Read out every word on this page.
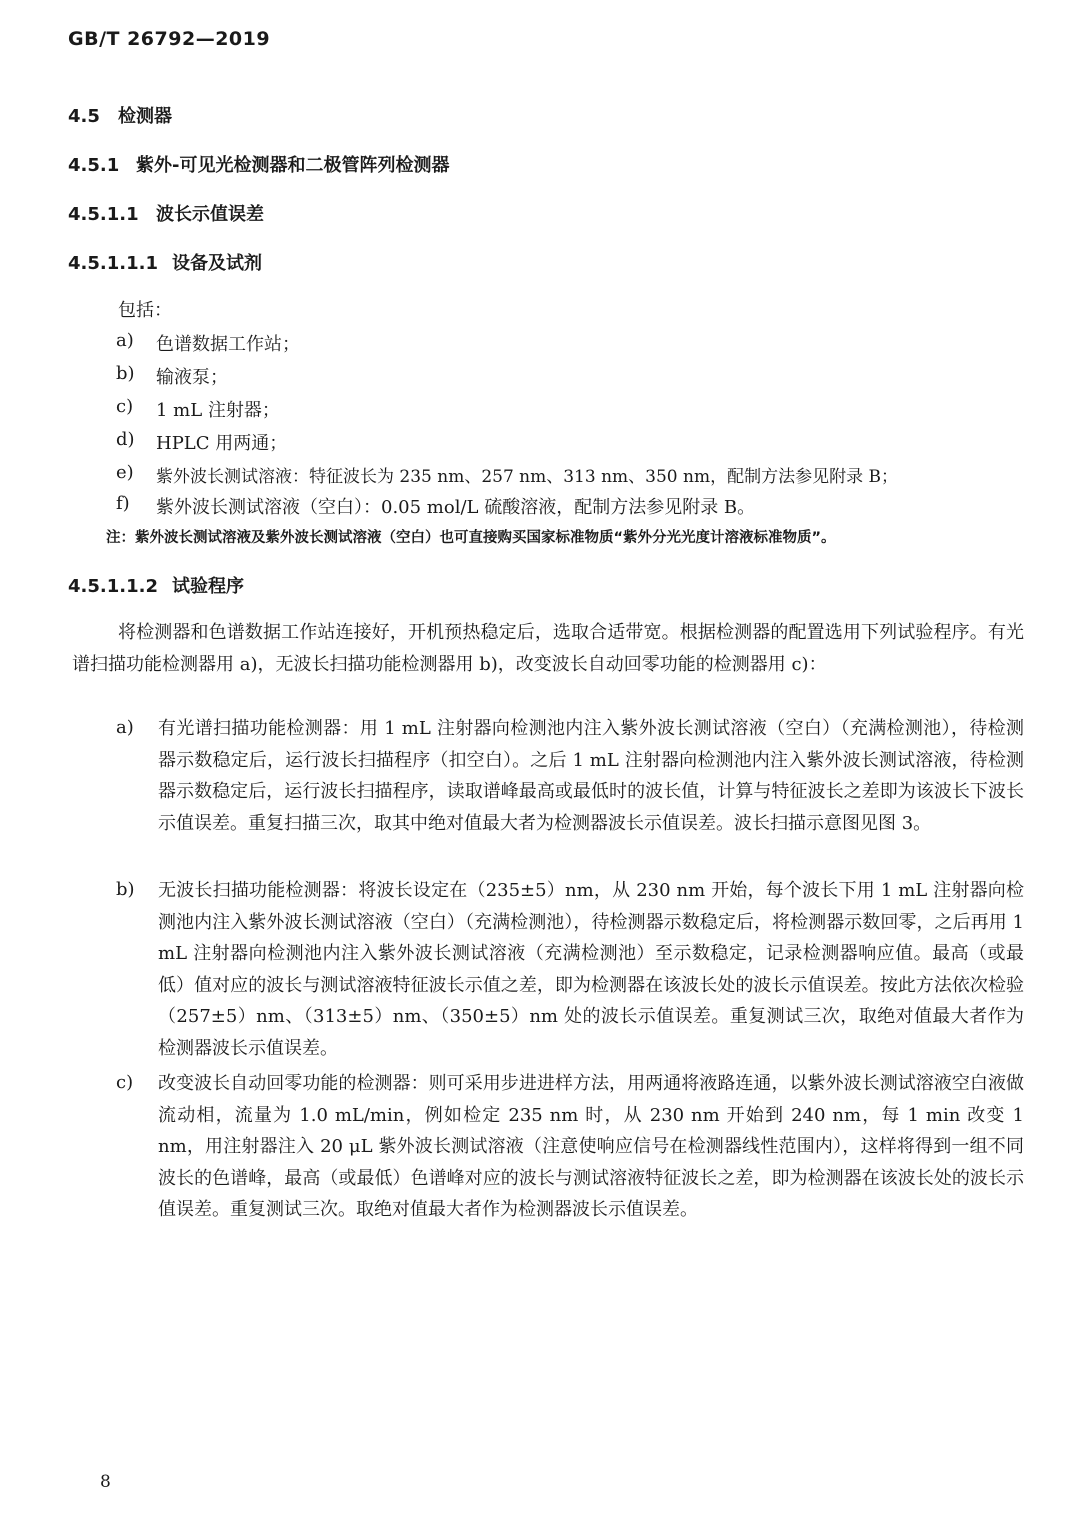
GB/T 26792—2019
4.5 检测器
4.5.1 紫外-可见光检测器和二极管阵列检测器
4.5.1.1 波长示值误差
4.5.1.1.1 设备及试剂
包括：
a) 色谱数据工作站；
b) 输液泵；
c) 1 mL 注射器；
d) HPLC 用两通；
e) 紫外波长测试溶液：特征波长为 235 nm、257 nm、313 nm、350 nm，配制方法参见附录 B；
f) 紫外波长测试溶液（空白）：0.05 mol/L 硫酸溶液，配制方法参见附录 B。
注：紫外波长测试溶液及紫外波长测试溶液（空白）也可直接购买国家标准物质“紫外分光光度计溶液标准物质”。
4.5.1.1.2 试验程序
将检测器和色谱数据工作站连接好，开机预热稳定后，选取合适带宽。根据检测器的配置选用下列试验程序。有光谱扫描功能检测器用 a)，无波长扫描功能检测器用 b)，改变波长自动回零功能的检测器用 c)：
a) 有光谱扫描功能检测器：用 1 mL 注射器向检测池内注入紫外波长测试溶液（空白）（充满检测池），待检测器示数稳定后，运行波长扫描程序（扣空白）。之后 1 mL 注射器向检测池内注入紫外波长测试溶液，待检测器示数稳定后，运行波长扫描程序，读取谱峰最高或最低时的波长值，计算与特征波长之差即为该波长下波长示值误差。重复扫描三次，取其中绝对值最大者为检测器波长示值误差。波长扫描示意图见图 3。
b) 无波长扫描功能检测器：将波长设定在（235±5）nm，从 230 nm 开始，每个波长下用 1 mL 注射器向检测池内注入紫外波长测试溶液（空白）（充满检测池），待检测器示数稳定后，将检测器示数回零，之后再用 1 mL 注射器向检测池内注入紫外波长测试溶液（充满检测池）至示数稳定，记录检测器响应值。最高（或最低）值对应的波长与测试溶液特征波长示值之差，即为检测器在该波长处的波长示值误差。按此方法依次检验（257±5）nm、（313±5）nm、（350±5）nm 处的波长示值误差。重复测试三次，取绝对值最大者作为检测器波长示值误差。
c) 改变波长自动回零功能的检测器：则可采用步进进样方法，用两通将液路连通，以紫外波长测试溶液空白液做流动相，流量为 1.0 mL/min，例如检定 235 nm 时，从 230 nm 开始到 240 nm，每 1 min 改变 1 nm，用注射器注入 20 μL 紫外波长测试溶液（注意使响应信号在检测器线性范围内），这样将得到一组不同波长的色谱峰，最高（或最低）色谱峰对应的波长与测试溶液特征波长之差，即为检测器在该波长处的波长示值误差。重复测试三次。取绝对值最大者作为检测器波长示值误差。
8
